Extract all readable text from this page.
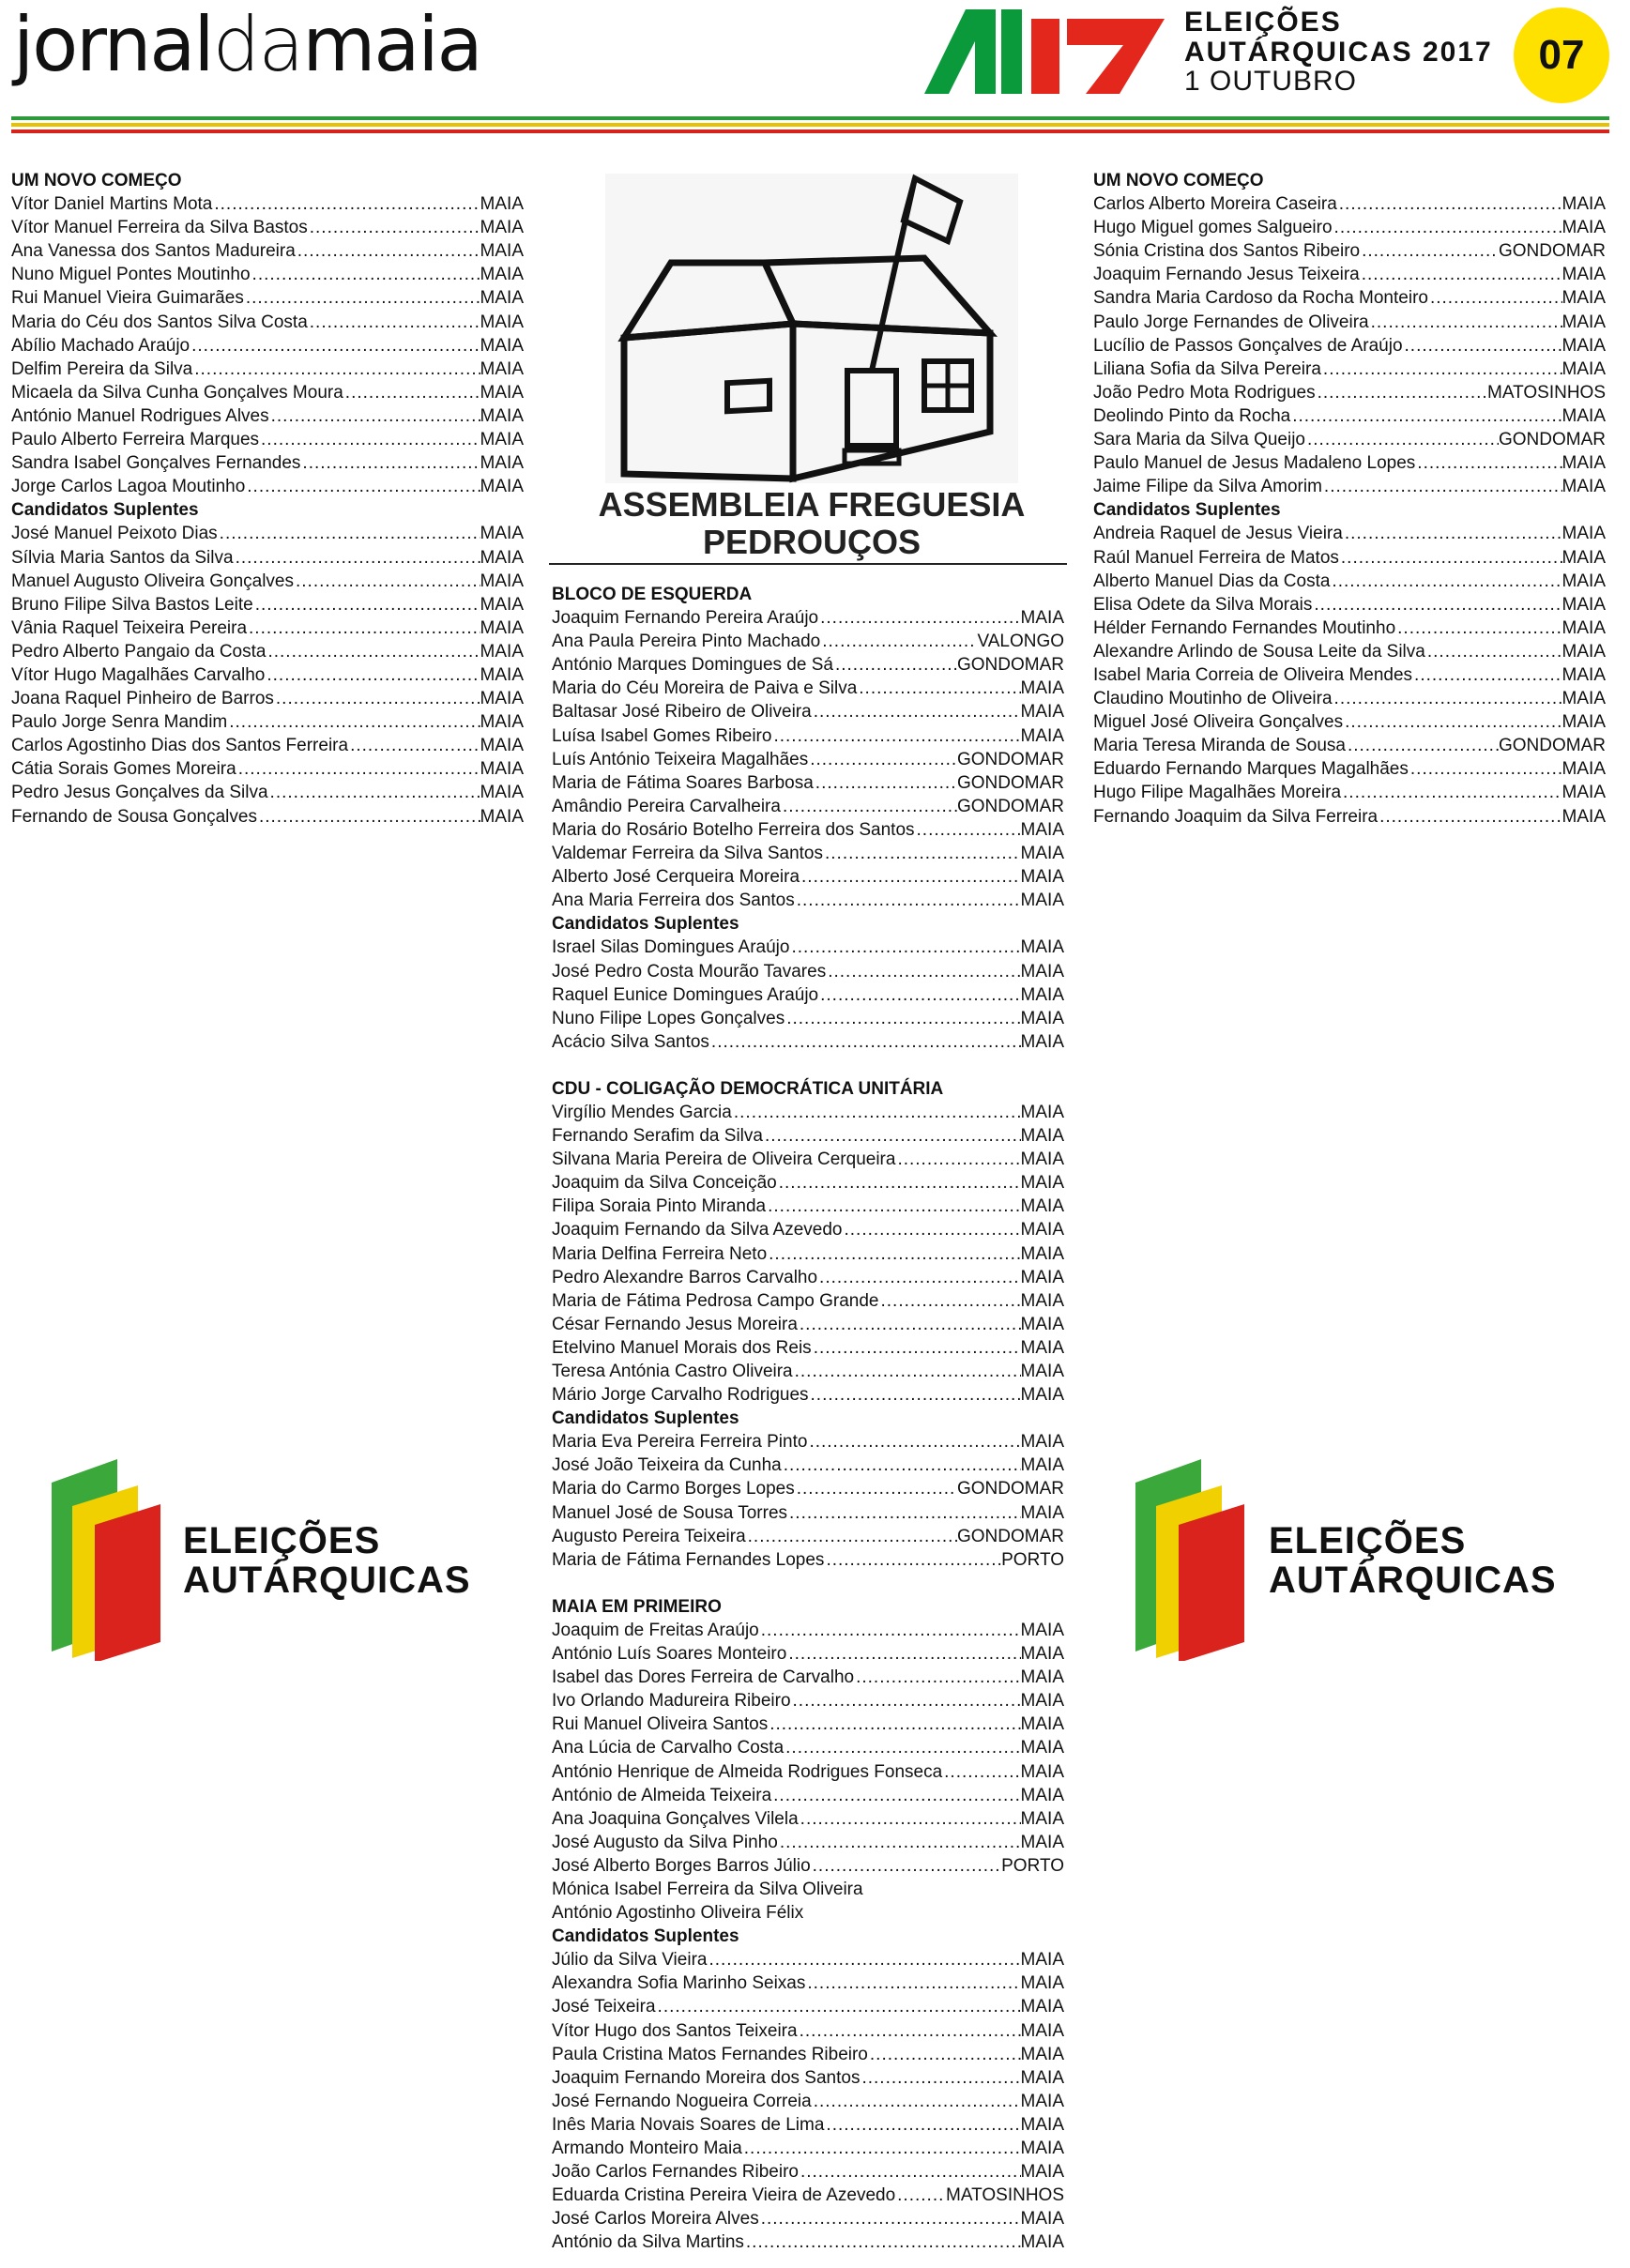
jornaldamaia	ELEIÇÕES
AUTÁRQUICAS 2017
1 OUTUBRO
07
UM NOVO COMEÇO
Vítor Daniel Martins Mota .....	MAIA
Vítor Manuel Ferreira da Silva Bastos .....	MAIA
Ana Vanessa dos Santos Madureira .....	MAIA
Nuno Miguel Pontes Moutinho .....	MAIA
Rui Manuel Vieira Guimarães .....	MAIA
Maria do Céu dos Santos Silva Costa .....	MAIA
Abílio Machado Araújo .....	MAIA
Delfim Pereira da Silva .....	MAIA
Micaela da Silva Cunha Gonçalves Moura .....	MAIA
António Manuel Rodrigues Alves .....	MAIA
Paulo Alberto Ferreira Marques .....	MAIA
Sandra Isabel Gonçalves Fernandes .....	MAIA
Jorge Carlos Lagoa Moutinho .....	MAIA
Candidatos Suplentes
José Manuel Peixoto Dias .....	MAIA
Sílvia Maria Santos da Silva .....	MAIA
Manuel Augusto Oliveira Gonçalves .....	MAIA
Bruno Filipe Silva Bastos Leite .....	MAIA
Vânia Raquel Teixeira Pereira .....	MAIA
Pedro Alberto Pangaio da Costa .....	MAIA
Vítor Hugo Magalhães Carvalho .....	MAIA
Joana Raquel Pinheiro de Barros .....	MAIA
Paulo Jorge Senra Mandim .....	MAIA
Carlos Agostinho Dias dos Santos Ferreira .....	MAIA
Cátia Sorais Gomes Moreira .....	MAIA
Pedro Jesus Gonçalves da Silva .....	MAIA
Fernando de Sousa Gonçalves .....	MAIA
ASSEMBLEIA FREGUESIA
PEDROUÇOS
BLOCO DE ESQUERDA
Joaquim Fernando Pereira Araújo .....	MAIA
Ana Paula Pereira Pinto Machado .....	VALONGO
António Marques Domingues de Sá .....	GONDOMAR
Maria do Céu Moreira de Paiva e Silva .....	MAIA
Baltasar José Ribeiro de Oliveira .....	MAIA
Luísa Isabel Gomes Ribeiro .....	MAIA
Luís António Teixeira Magalhães .....	GONDOMAR
Maria de Fátima Soares Barbosa .....	GONDOMAR
Amândio Pereira Carvalheira .....	GONDOMAR
Maria do Rosário Botelho Ferreira dos Santos .....	MAIA
Valdemar Ferreira da Silva Santos .....	MAIA
Alberto José Cerqueira Moreira .....	MAIA
Ana Maria Ferreira dos Santos .....	MAIA
Candidatos Suplentes
Israel Silas Domingues Araújo .....	MAIA
José Pedro Costa Mourão Tavares .....	MAIA
Raquel Eunice Domingues Araújo .....	MAIA
Nuno Filipe Lopes Gonçalves .....	MAIA
Acácio Silva Santos .....	MAIA
CDU - COLIGAÇÃO DEMOCRÁTICA UNITÁRIA
Virgílio Mendes Garcia .....	MAIA
Fernando Serafim da Silva .....	MAIA
Silvana Maria Pereira de Oliveira Cerqueira .....	MAIA
Joaquim da Silva Conceição .....	MAIA
Filipa Soraia Pinto Miranda .....	MAIA
Joaquim Fernando da Silva Azevedo .....	MAIA
Maria Delfina Ferreira Neto .....	MAIA
Pedro Alexandre Barros Carvalho .....	MAIA
Maria de Fátima Pedrosa Campo Grande .....	MAIA
César Fernando Jesus Moreira .....	MAIA
Etelvino Manuel Morais dos Reis .....	MAIA
Teresa Antónia Castro Oliveira .....	MAIA
Mário Jorge Carvalho Rodrigues .....	MAIA
Candidatos Suplentes
Maria Eva Pereira Ferreira Pinto .....	MAIA
José João Teixeira da Cunha .....	MAIA
Maria do Carmo Borges Lopes .....	GONDOMAR
Manuel José de Sousa Torres .....	MAIA
Augusto Pereira Teixeira .....	GONDOMAR
Maria de Fátima Fernandes Lopes .....	PORTO
MAIA EM PRIMEIRO
Joaquim de Freitas Araújo .....	MAIA
António Luís Soares Monteiro .....	MAIA
Isabel das Dores Ferreira de Carvalho .....	MAIA
Ivo Orlando Madureira Ribeiro .....	MAIA
Rui Manuel Oliveira Santos .....	MAIA
Ana Lúcia de Carvalho Costa .....	MAIA
António Henrique de Almeida Rodrigues Fonseca .....	MAIA
António de Almeida Teixeira .....	MAIA
Ana Joaquina Gonçalves Vilela .....	MAIA
José Augusto da Silva Pinho .....	MAIA
José Alberto Borges Barros Júlio .....	PORTO
Mónica Isabel Ferreira da Silva Oliveira
António Agostinho Oliveira Félix
Candidatos Suplentes
Júlio da Silva Vieira .....	MAIA
Alexandra Sofia Marinho Seixas .....	MAIA
José Teixeira .....	MAIA
Vítor Hugo dos Santos Teixeira .....	MAIA
Paula Cristina Matos Fernandes Ribeiro .....	MAIA
Joaquim Fernando Moreira dos Santos .....	MAIA
José Fernando Nogueira Correia .....	MAIA
Inês Maria Novais Soares de Lima .....	MAIA
Armando Monteiro Maia .....	MAIA
João Carlos Fernandes Ribeiro .....	MAIA
Eduarda Cristina Pereira Vieira de Azevedo .....	MATOSINHOS
José Carlos Moreira Alves .....	MAIA
António da Silva Martins .....	MAIA
UM NOVO COMEÇO
Carlos Alberto Moreira Caseira .....	MAIA
Hugo Miguel gomes Salgueiro .....	MAIA
Sónia Cristina dos Santos Ribeiro .....	GONDOMAR
Joaquim Fernando Jesus Teixeira .....	MAIA
Sandra Maria Cardoso da Rocha Monteiro .....	MAIA
Paulo Jorge Fernandes de Oliveira .....	MAIA
Lucílio de Passos Gonçalves de Araújo .....	MAIA
Liliana Sofia da Silva Pereira .....	MAIA
João Pedro Mota Rodrigues .....	MATOSINHOS
Deolindo Pinto da Rocha .....	MAIA
Sara Maria da Silva Queijo .....	GONDOMAR
Paulo Manuel de Jesus Madaleno Lopes .....	MAIA
Jaime Filipe da Silva Amorim .....	MAIA
Candidatos Suplentes
Andreia Raquel de Jesus Vieira .....	MAIA
Raúl Manuel Ferreira de Matos .....	MAIA
Alberto Manuel Dias da Costa .....	MAIA
Elisa Odete da Silva Morais .....	MAIA
Hélder Fernando Fernandes Moutinho .....	MAIA
Alexandre Arlindo de Sousa Leite da Silva .....	MAIA
Isabel Maria Correia de Oliveira Mendes .....	MAIA
Claudino Moutinho de Oliveira .....	MAIA
Miguel José Oliveira Gonçalves .....	MAIA
Maria Teresa Miranda de Sousa .....	GONDOMAR
Eduardo Fernando Marques Magalhães .....	MAIA
Hugo Filipe Magalhães Moreira .....	MAIA
Fernando Joaquim da Silva Ferreira .....	MAIA
ELEIÇÕES
AUTÁRQUICAS
ELEIÇÕES
AUTÁRQUICAS
